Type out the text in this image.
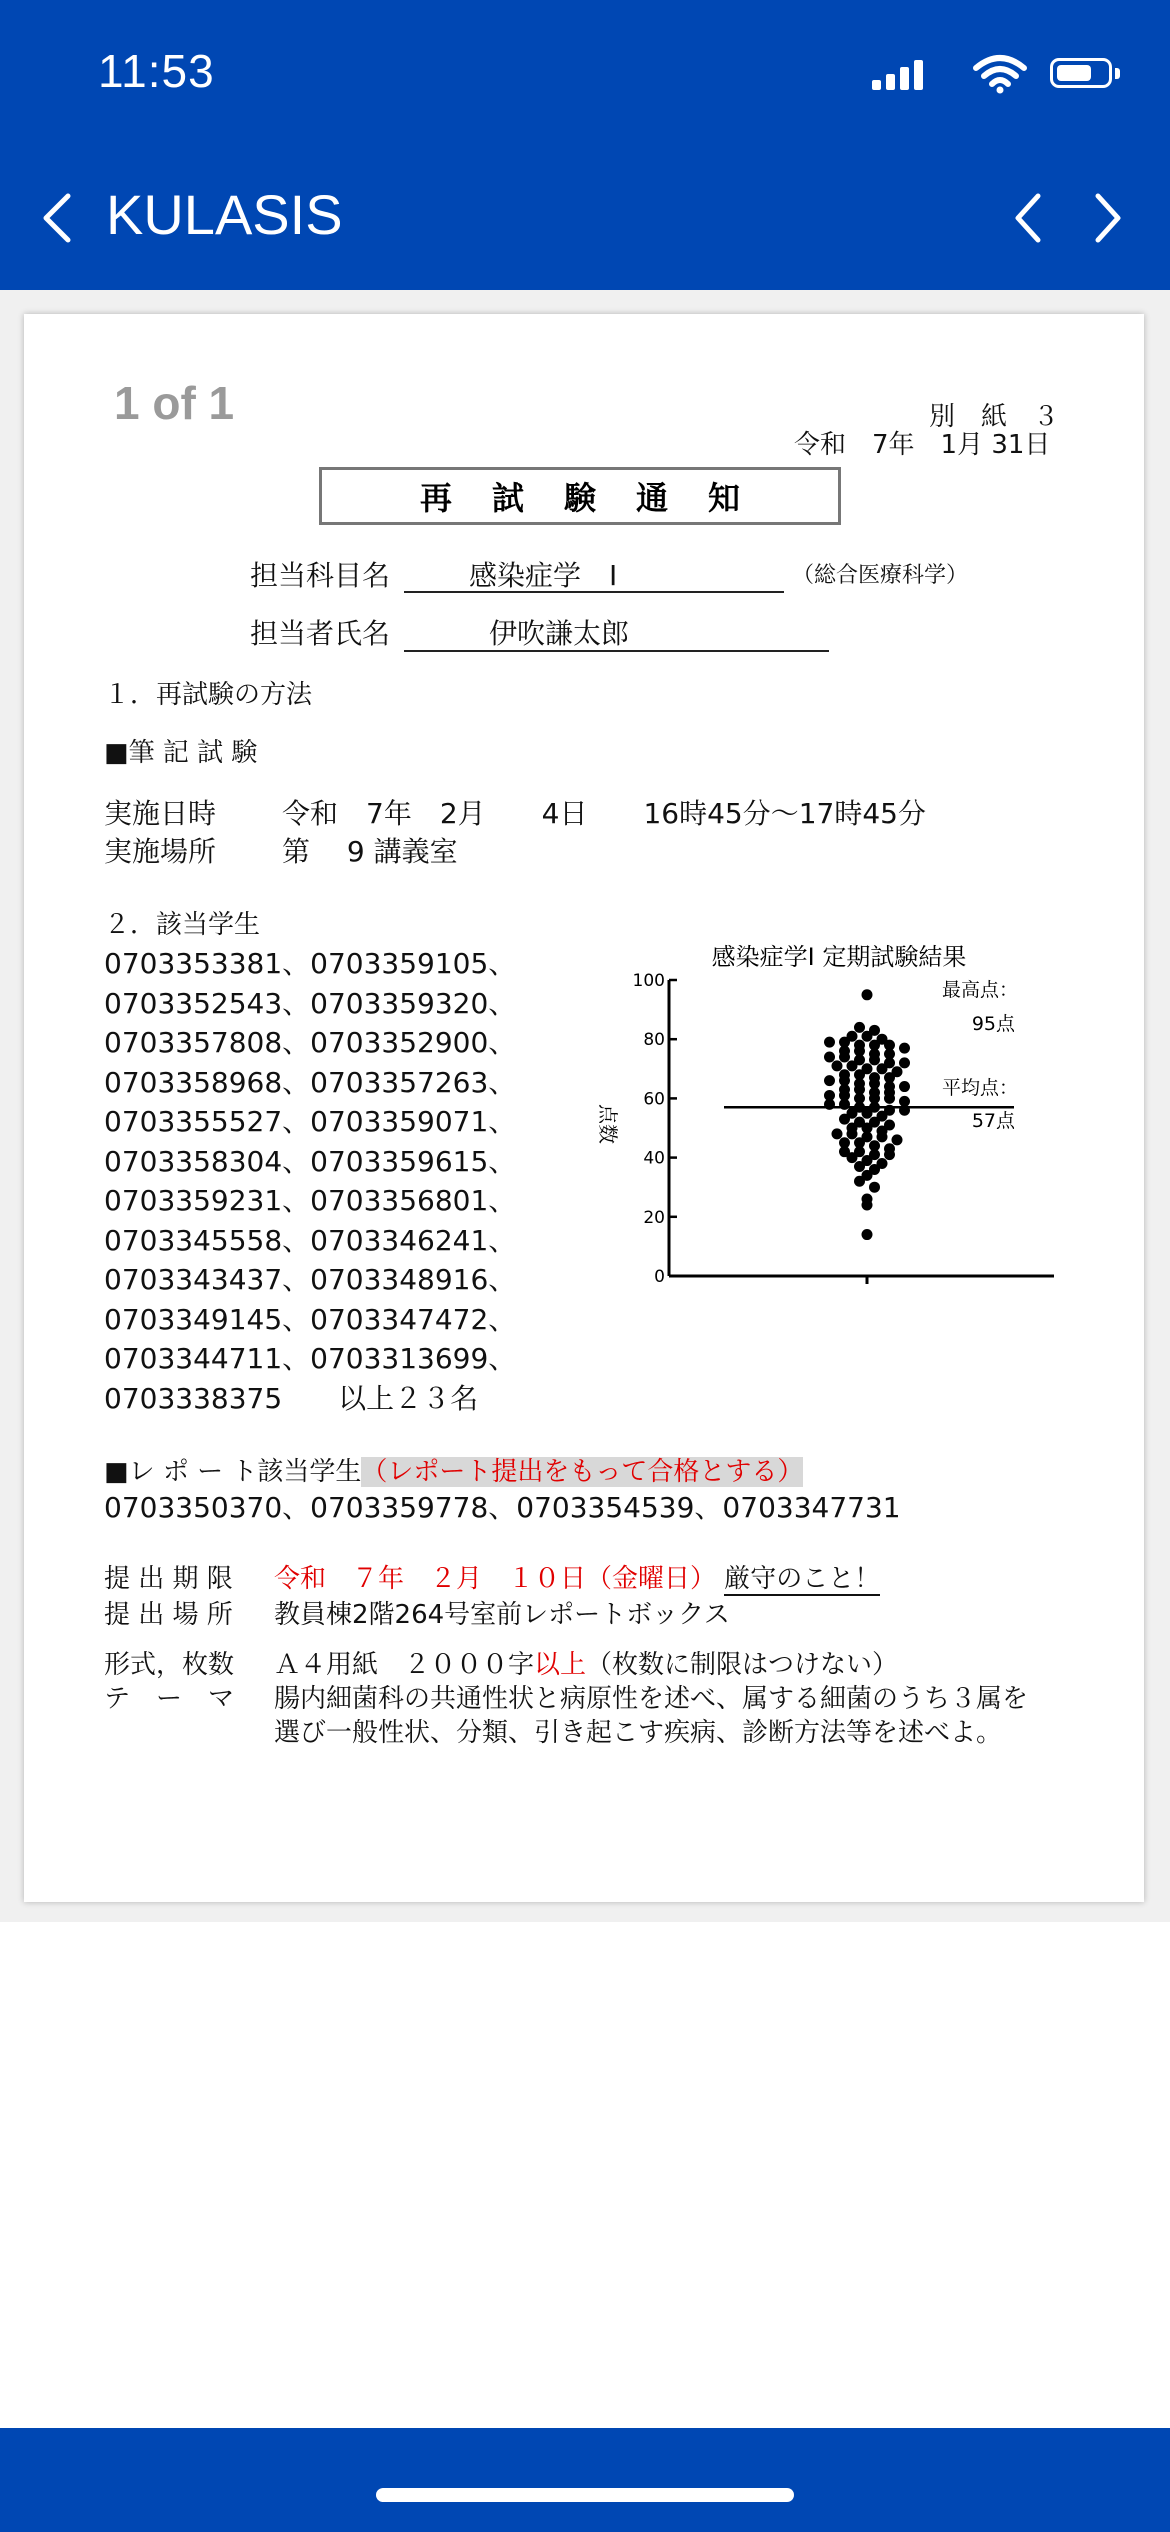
11:53
KULASIS
1 of 1	別　紙　３
令和　7年　1月 31日
再試験通知
担当科目名	感染症学　Ⅰ	（総合医療科学）
担当者氏名	伊吹謙太郎
１．再試験の方法
■筆 記 試 験
実施日時 令和　7年　2月　　4日　　16時45分〜17時45分
実施場所 第　 9 講義室
２．該当学生
0703353381、0703359105、
0703352543、0703359320、
0703357808、0703352900、
0703358968、0703357263、
0703355527、0703359071、
0703358304、0703359615、
0703359231、0703356801、
0703345558、0703346241、
0703343437、0703348916、
0703349145、0703347472、
0703344711、0703313699、
0703338375　　以上２３名
感染症学Ⅰ 定期試験結果
点数
0
20
40
60
80
100	最高点：
95点
平均点：
57点
■レ ポ ー ト該当学生（レポート提出をもって合格とする）
0703350370、0703359778、0703354539、0703347731
提 出 期 限 令和　７年　２月　１０日（金曜日） 厳守のこと！
提 出 場 所 教員棟2階264号室前レポートボックス
形式，枚数 Ａ４用紙　２０００字以上（枚数に制限はつけない）
テ　ー　マ 腸内細菌科の共通性状と病原性を述べ、属する細菌のうち３属を
選び一般性状、分類、引き起こす疾病、診断方法等を述べよ。
